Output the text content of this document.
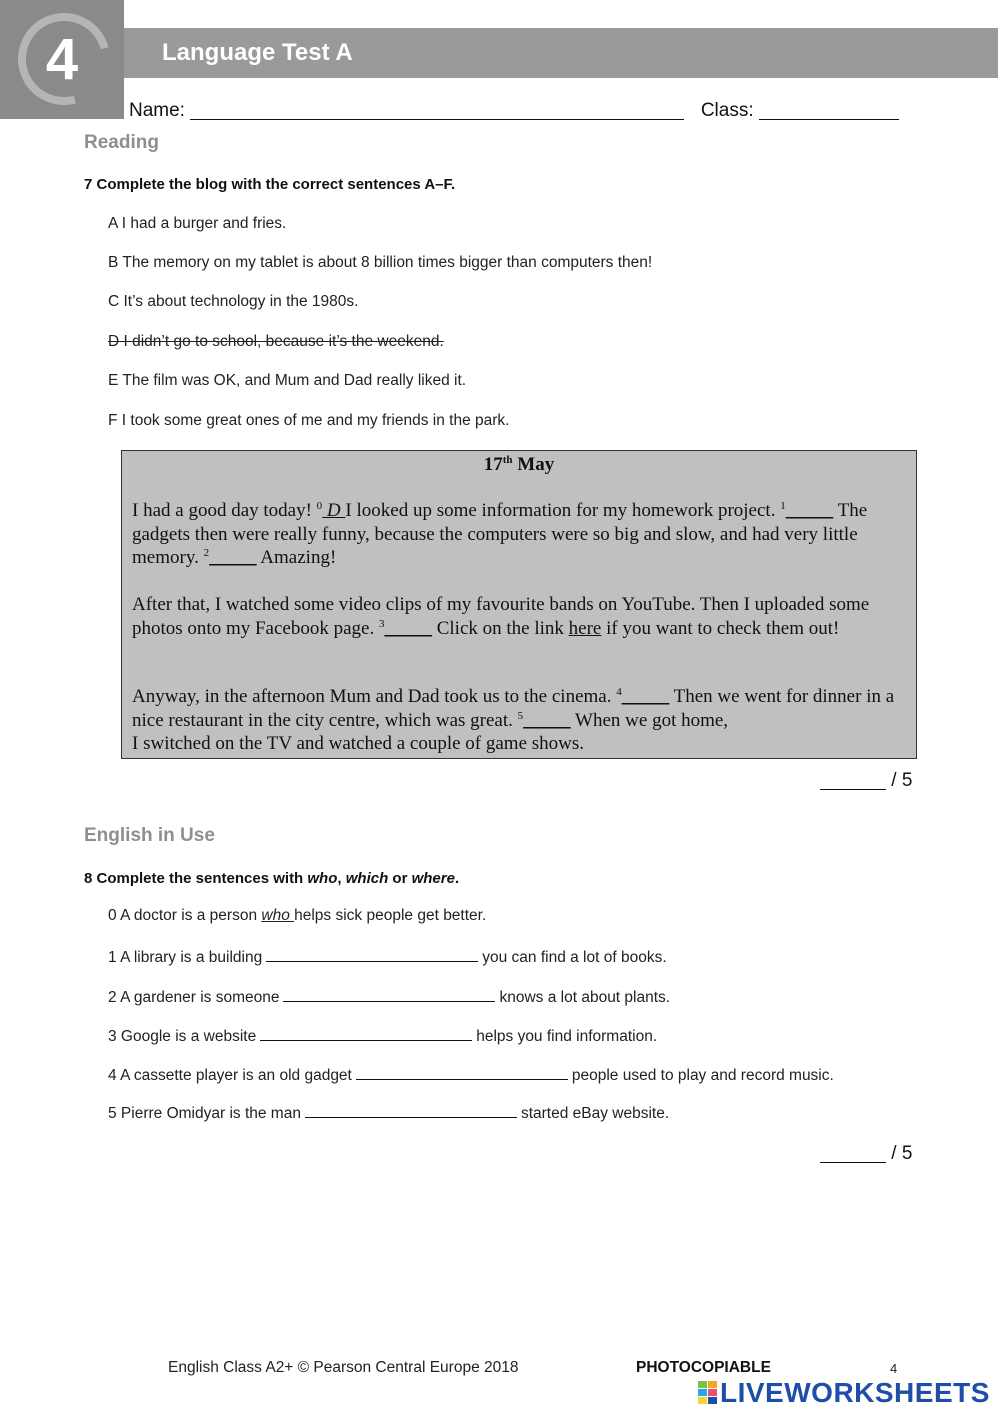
4	Language Test A
Name:	Class:
Reading
7 Complete the blog with the correct sentences A–F.
A I had a burger and fries.
B The memory on my tablet is about 8 billion times bigger than computers then!
C It’s about technology in the 1980s.
D I didn’t go to school, because it’s the weekend.
E The film was OK, and Mum and Dad really liked it.
F I took some great ones of me and my friends in the park.
17th May

I had a good day today! $^0$ D I looked up some information for my homework project. $^1$_____ The gadgets then were really funny, because the computers were so big and slow, and had very little memory. $^2$_____ Amazing!

After that, I watched some video clips of my favourite bands on YouTube. Then I uploaded some photos onto my Facebook page. $^3$_____ Click on the link here if you want to check them out!

Anyway, in the afternoon Mum and Dad took us to the cinema. $^4$_____ Then we went for dinner in a nice restaurant in the city centre, which was great. $^5$_____ When we got home,
I switched on the TV and watched a couple of game shows.

/ 5
English in Use
8 Complete the sentences with who, which or where.
0 A doctor is a person who helps sick people get better.
1 A library is a building	you can find a lot of books.
2 A gardener is someone	knows a lot about plants.
3 Google is a website	helps you find information.
4 A cassette player is an old gadget	people used to play and record music.
5 Pierre Omidyar is the man	started eBay website.
/ 5
English Class A2+ © Pearson Central Europe 2018	PHOTOCOPIABLE	4
LIVEWORKSHEETS
